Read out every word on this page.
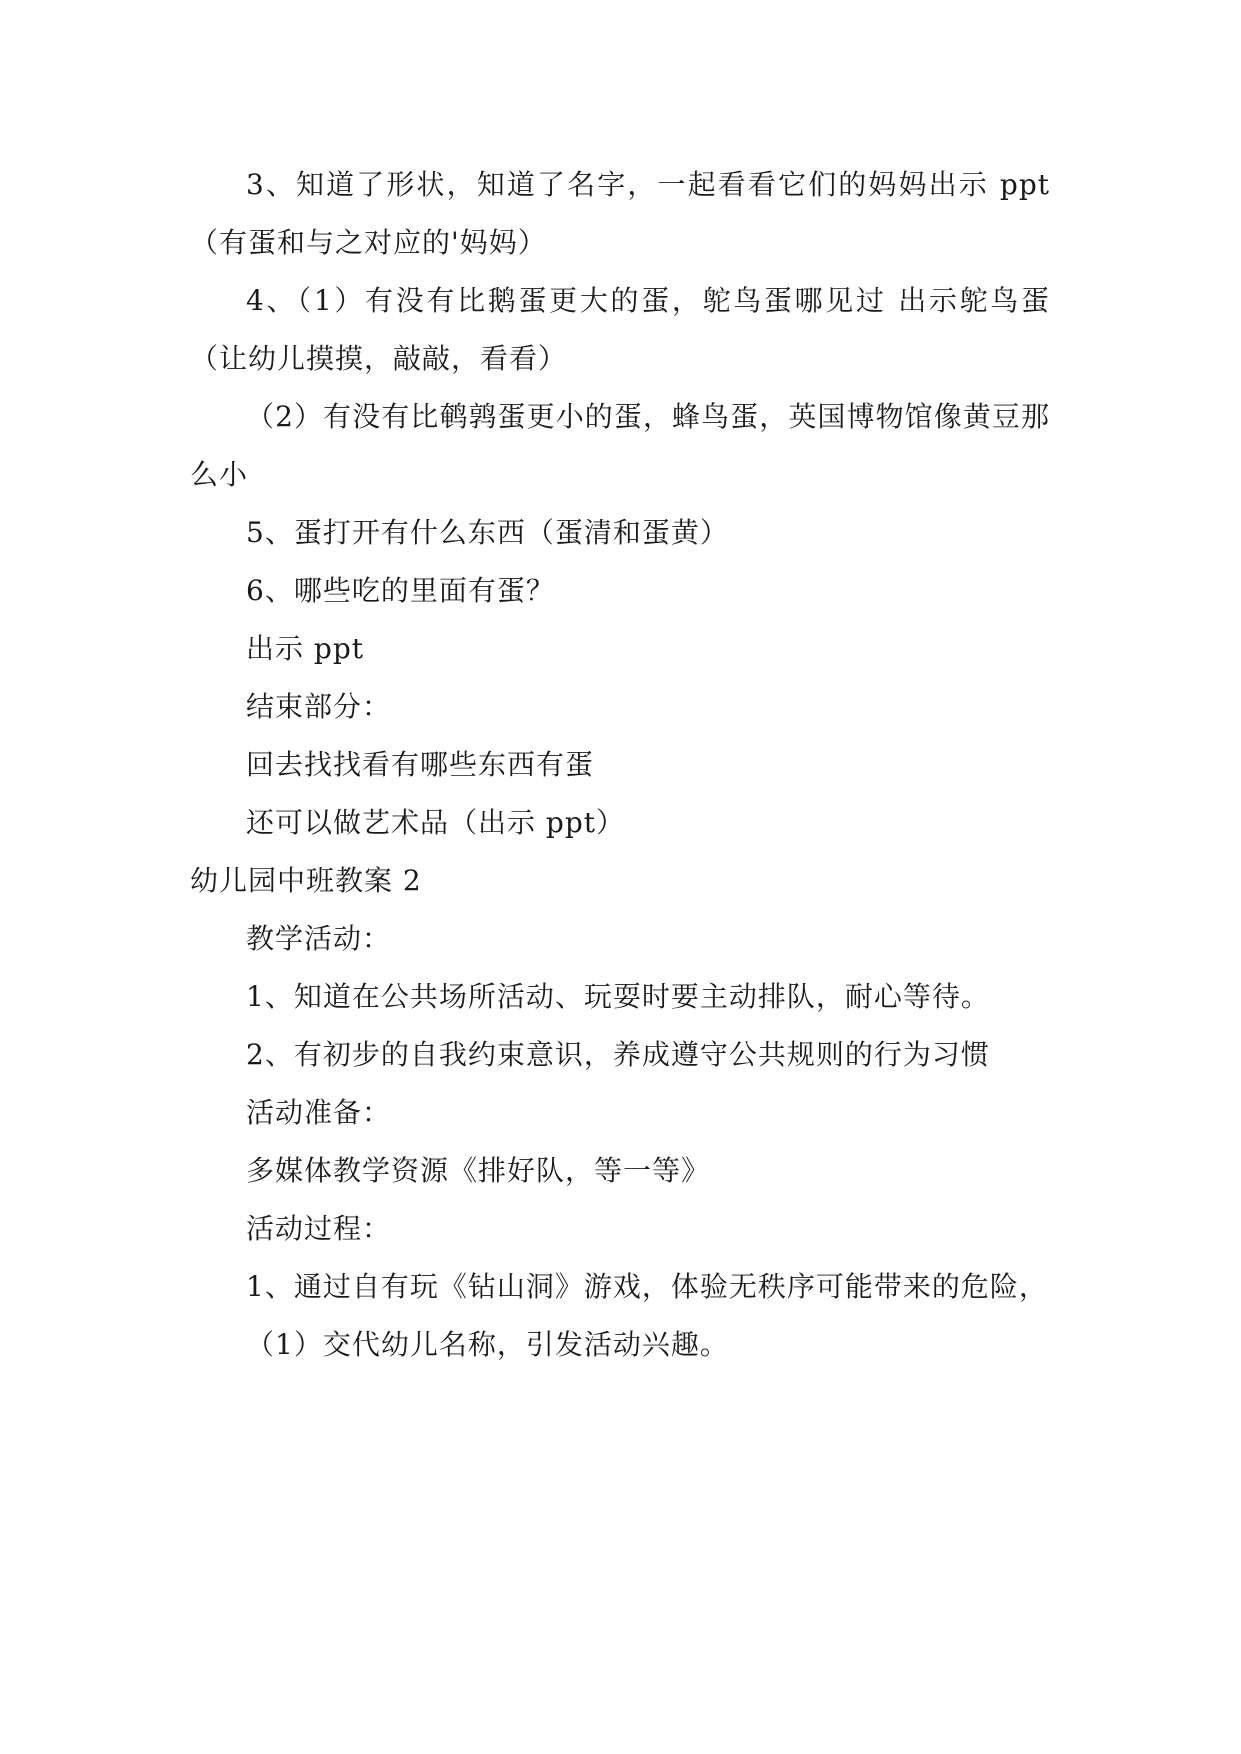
3、知道了形状，知道了名字，一起看看它们的妈妈出示 ppt（有蛋和与之对应的'妈妈）

4、（1）有没有比鹅蛋更大的蛋，鸵鸟蛋哪见过 出示鸵鸟蛋（让幼儿摸摸，敲敲，看看）

（2）有没有比鹌鹑蛋更小的蛋，蜂鸟蛋，英国博物馆像黄豆那么小

5、蛋打开有什么东西（蛋清和蛋黄）

6、哪些吃的里面有蛋？

出示 ppt

结束部分：

回去找找看有哪些东西有蛋

还可以做艺术品（出示 ppt）

幼儿园中班教案 2

教学活动：

1、知道在公共场所活动、玩耍时要主动排队，耐心等待。

2、有初步的自我约束意识，养成遵守公共规则的行为习惯

活动准备：

多媒体教学资源《排好队，等一等》

活动过程：

1、通过自有玩《钻山洞》游戏，体验无秩序可能带来的危险，

（1）交代幼儿名称，引发活动兴趣。
